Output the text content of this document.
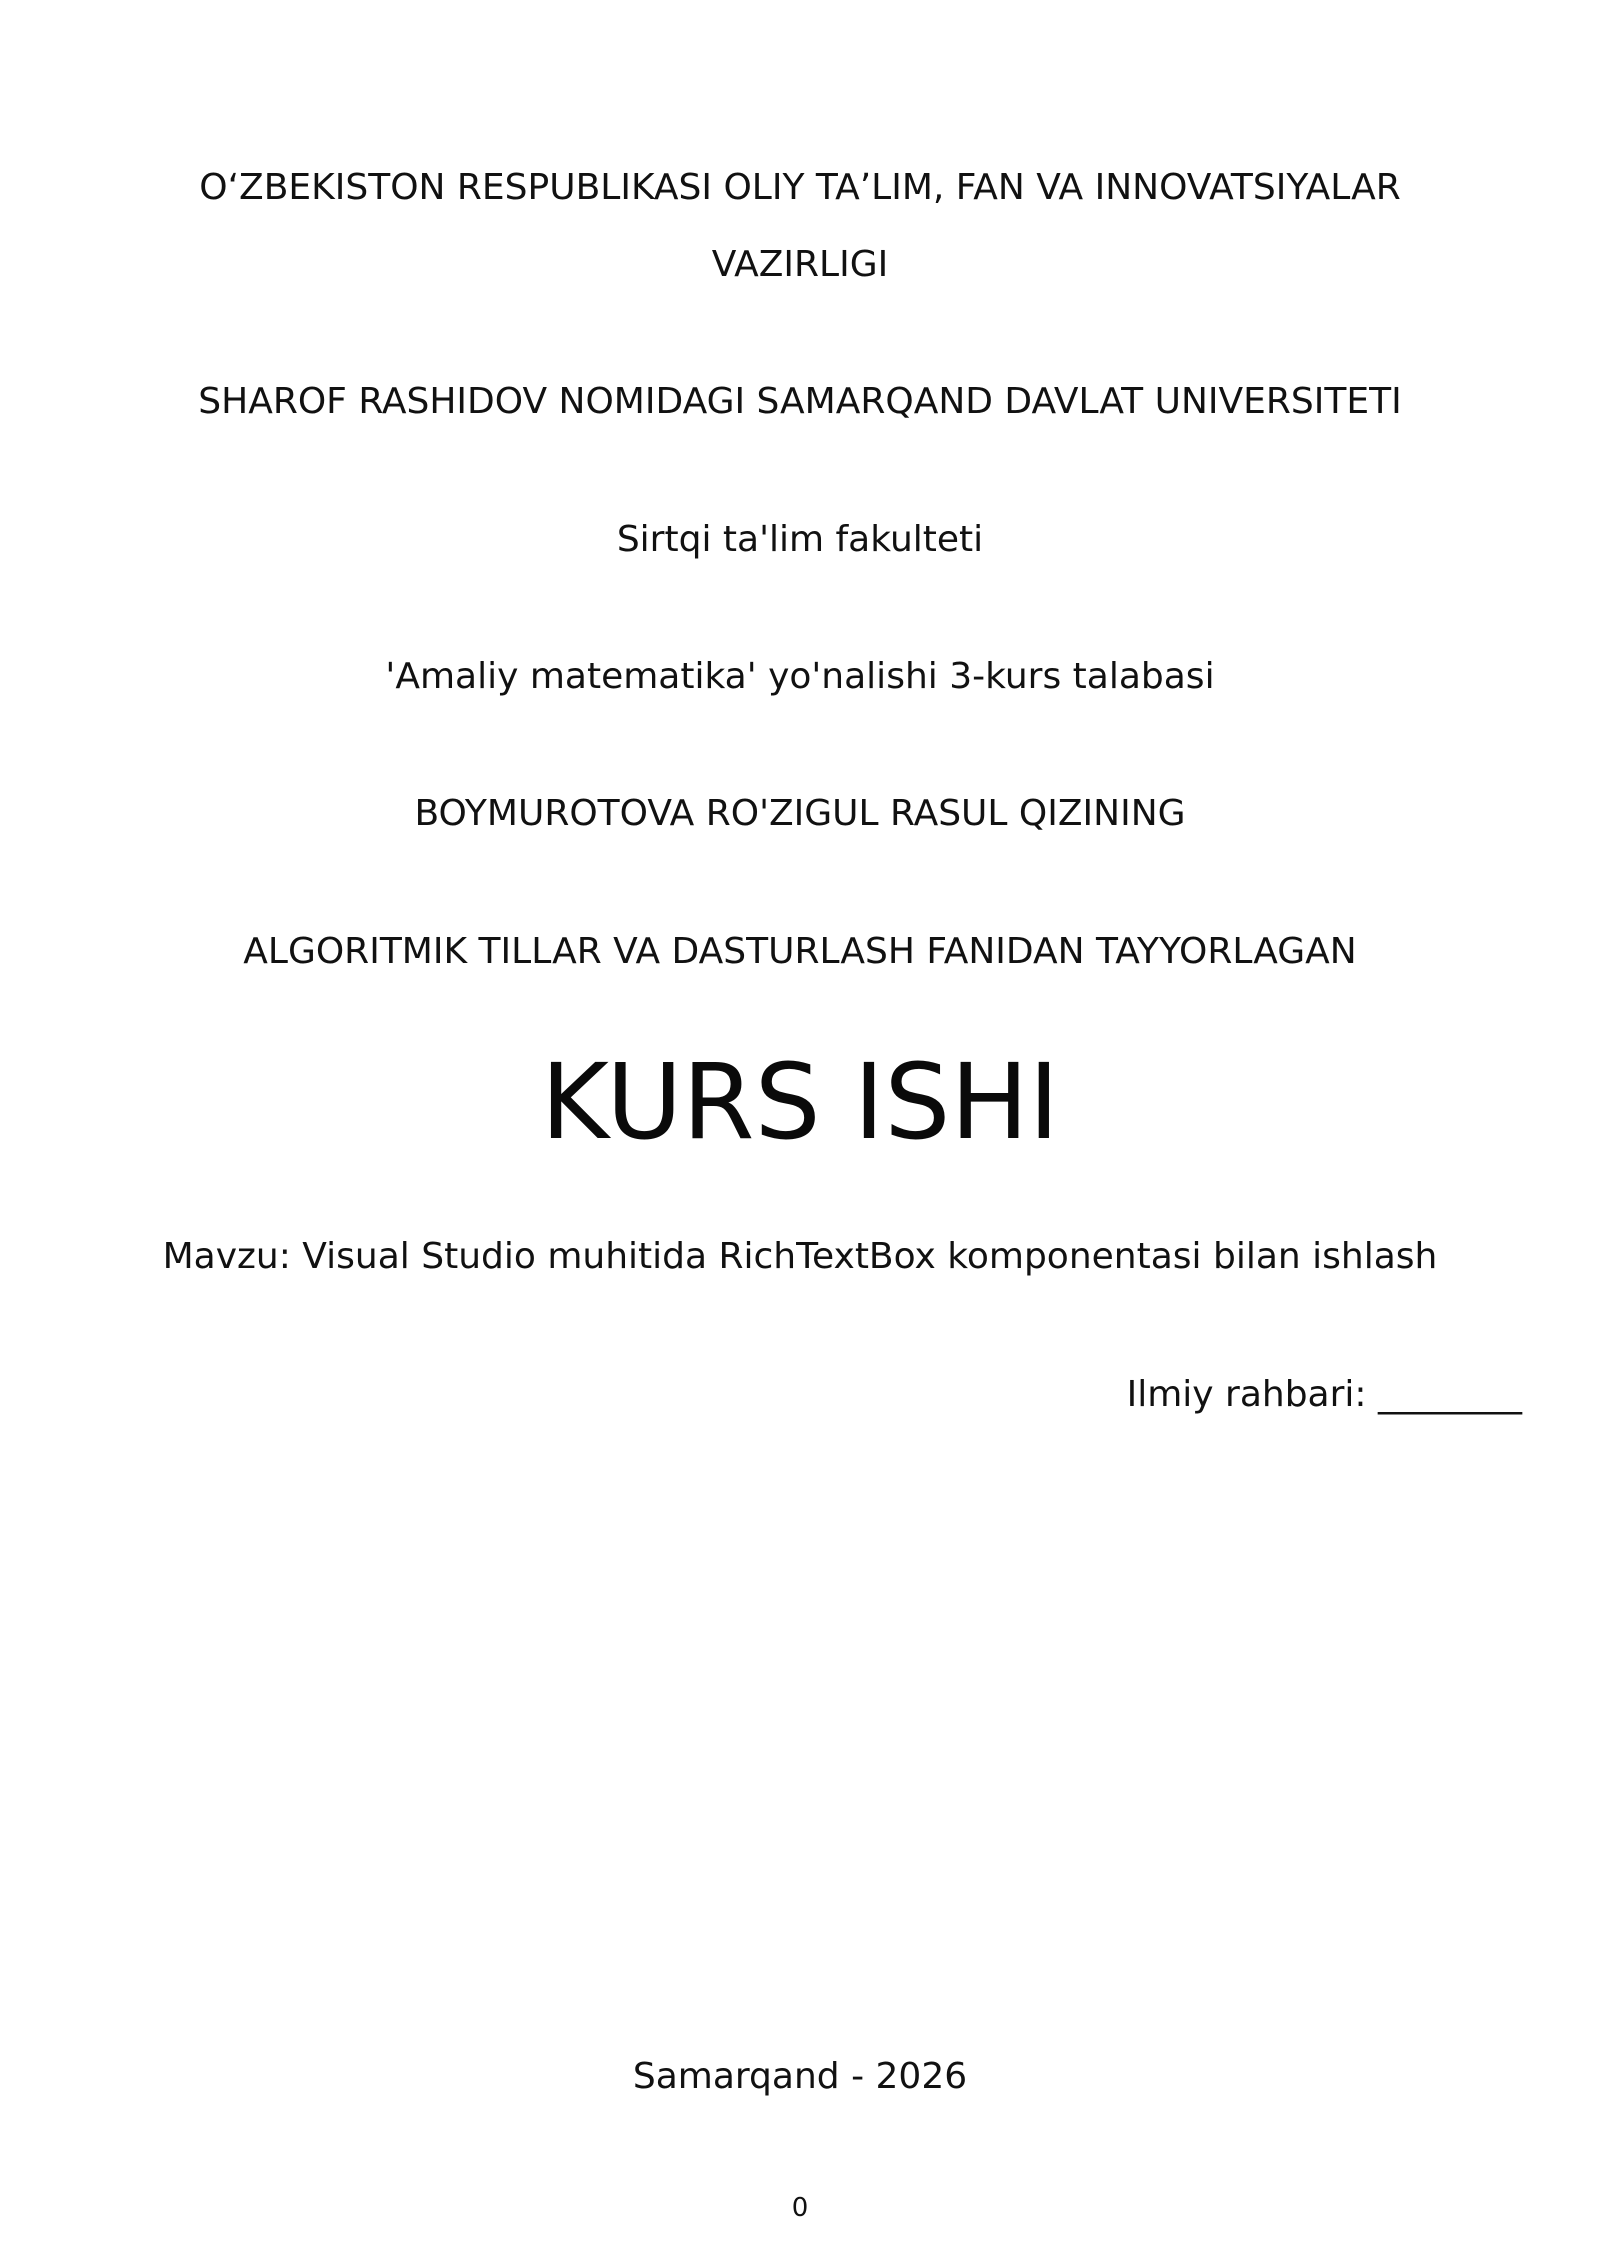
O‘ZBEKISTON RESPUBLIKASI OLIY TA’LIM, FAN VA INNOVATSIYALAR
VAZIRLIGI
SHAROF RASHIDOV NOMIDAGI SAMARQAND DAVLAT UNIVERSITETI
Sirtqi ta'lim fakulteti
'Amaliy matematika' yo'nalishi 3-kurs talabasi
BOYMUROTOVA RO'ZIGUL RASUL QIZINING
ALGORITMIK TILLAR VA DASTURLASH FANIDAN TAYYORLAGAN
KURS ISHI
Mavzu: Visual Studio muhitida RichTextBox komponentasi bilan ishlash
Ilmiy rahbari: ________
Samarqand - 2026
0
